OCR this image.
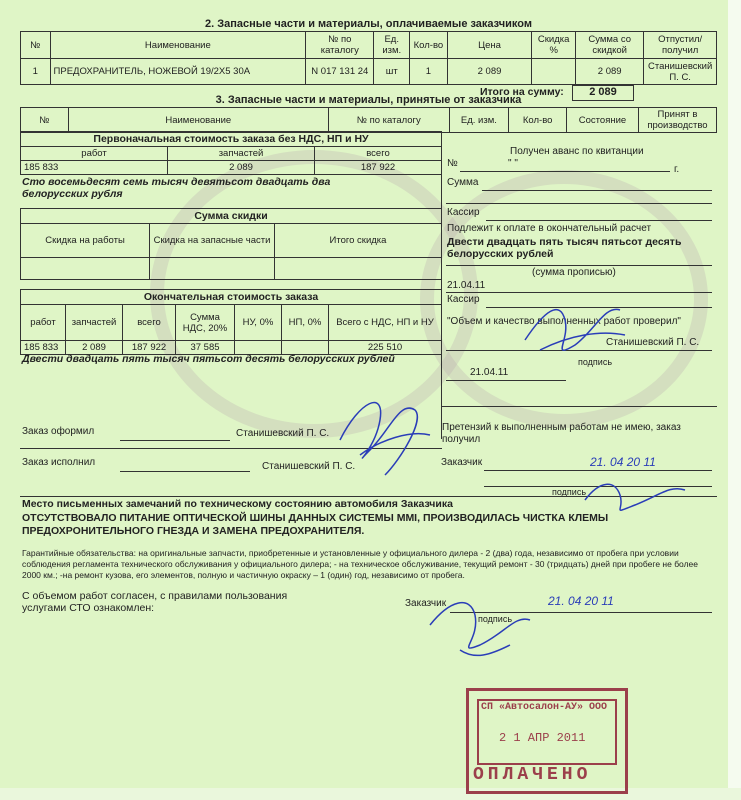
2. Запасные части и материалы, оплачиваемые заказчиком
№	Наименование	№ по каталогу	Ед. изм.	Кол-во	Цена	Скидка %	Сумма со скидкой	Отпустил/ получил
1	ПРЕДОХРАНИТЕЛЬ, НОЖЕВОЙ 19/2Х5 30А	N 017 131 24	шт	1	2 089		2 089	Станишевский П. С.
Итого на сумму:	2 089
3. Запасные части и материалы, принятые от заказчика
№	Наименование	№ по каталогу	Ед. изм.	Кол-во	Состояние	Принят в производство
Первоначальная стоимость заказа без НДС, НП и НУ		
работ	запчастей	всего
185 833	2 089	187 922
Сто восемьдесят семь тысяч девятьсот двадцать два белорусских рубля
Сумма скидки		
Скидка на работы	Скидка на запасные части	Итого скидка

Окончательная стоимость заказа						
работ	запчастей	всего	Сумма НДС, 20%	НУ, 0%	НП, 0%	Всего с НДС, НП и НУ
185 833	2 089	187 922	37 585			225 510
Двести двадцать пять тысяч пятьсот десять белорусских рублей
Заказ оформил	Станишевский П. С.
Заказ исполнил	Станишевский П. С.
Получен аванс по квитанции
№	" "
г.
Сумма
Кассир
Подлежит к оплате в окончательный расчет
Двести двадцать пять тысяч пятьсот десять белорусских рублей
(сумма прописью)
21.04.11
Кассир
"Объем и качество выполненных работ проверил"
Станишевский П. С.
подпись
21.04.11
Претензий к выполненным работам не имею, заказ получил
Заказчик	21. 04 20 11
подпись
Место письменных замечаний по техническому состоянию автомобиля Заказчика
ОТСУТСТВОВАЛО ПИТАНИЕ ОПТИЧЕСКОЙ ШИНЫ ДАННЫХ СИСТЕМЫ MMI, ПРОИЗВОДИЛАСЬ ЧИСТКА КЛЕМЫ ПРЕДОХРОНИТЕЛЬНОГО ГНЕЗДА И ЗАМЕНА ПРЕДОХРАНИТЕЛЯ.
Гарантийные обязательства: на оригинальные запчасти, приобретенные и установленные у официального дилера - 2 (два) года, независимо от пробега при условии соблюдения регламента технического обслуживания у официального дилера; - на техническое обслуживание, текущий ремонт - 30 (тридцать) дней при пробеге не более 2000 км.; -на ремонт кузова, его элементов, полную и частичную окраску – 1 (один) год, независимо от пробега.
С объемом работ согласен, с правилами пользования услугами СТО ознакомлен:	Заказчик	21. 04 20 11
подпись
СП «Автосалон-АУ» ООО
2 1 АПР 2011
ОПЛАЧЕНО
